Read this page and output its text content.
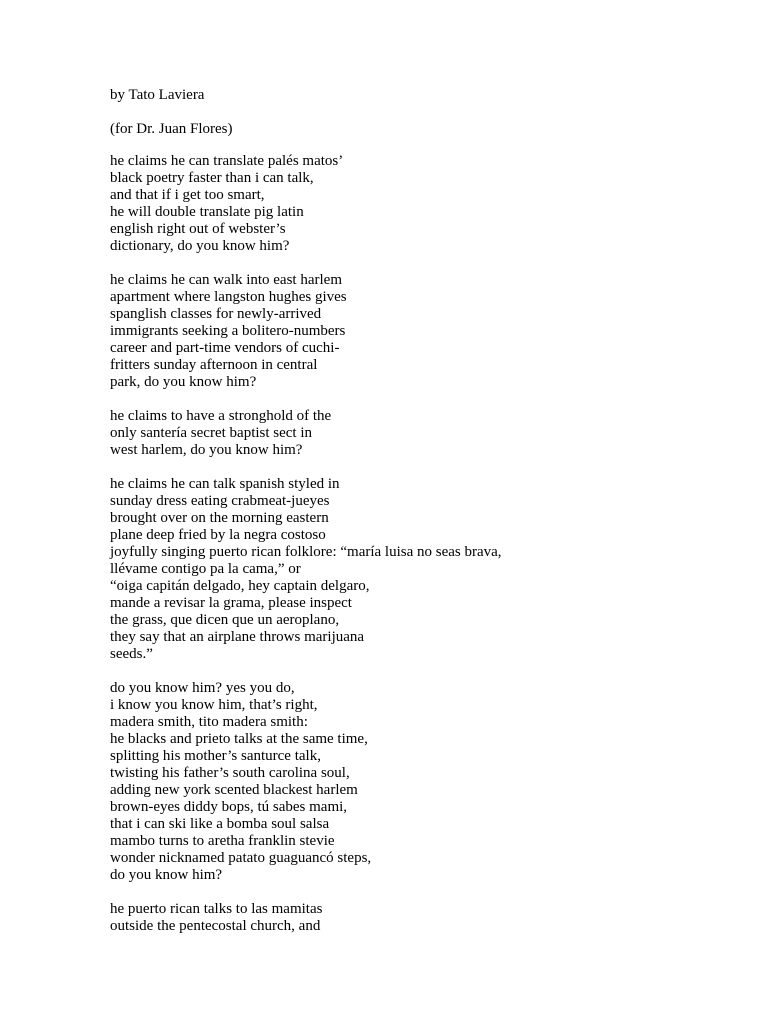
by Tato Laviera
(for Dr. Juan Flores)
he claims he can translate palés matos’
black poetry faster than i can talk,
and that if i get too smart,
he will double translate pig latin
english right out of webster’s
dictionary, do you know him?
he claims he can walk into east harlem
apartment where langston hughes gives
spanglish classes for newly-arrived
immigrants seeking a bolitero-numbers
career and part-time vendors of cuchi-
fritters sunday afternoon in central
park, do you know him?
he claims to have a stronghold of the
only santería secret baptist sect in
west harlem, do you know him?
he claims he can talk spanish styled in
sunday dress eating crabmeat-jueyes
brought over on the morning eastern
plane deep fried by la negra costoso
joyfully singing puerto rican folklore: “maría luisa no seas brava,
llévame contigo pa la cama,” or
“oiga capitán delgado, hey captain delgaro,
mande a revisar la grama, please inspect
the grass, que dicen que un aeroplano,
they say that an airplane throws marijuana
seeds.”
do you know him? yes you do,
i know you know him, that’s right,
madera smith, tito madera smith:
he blacks and prieto talks at the same time,
splitting his mother’s santurce talk,
twisting his father’s south carolina soul,
adding new york scented blackest harlem
brown-eyes diddy bops, tú sabes mami,
that i can ski like a bomba soul salsa
mambo turns to aretha franklin stevie
wonder nicknamed patato guaguancó steps,
do you know him?
he puerto rican talks to las mamitas
outside the pentecostal church, and
